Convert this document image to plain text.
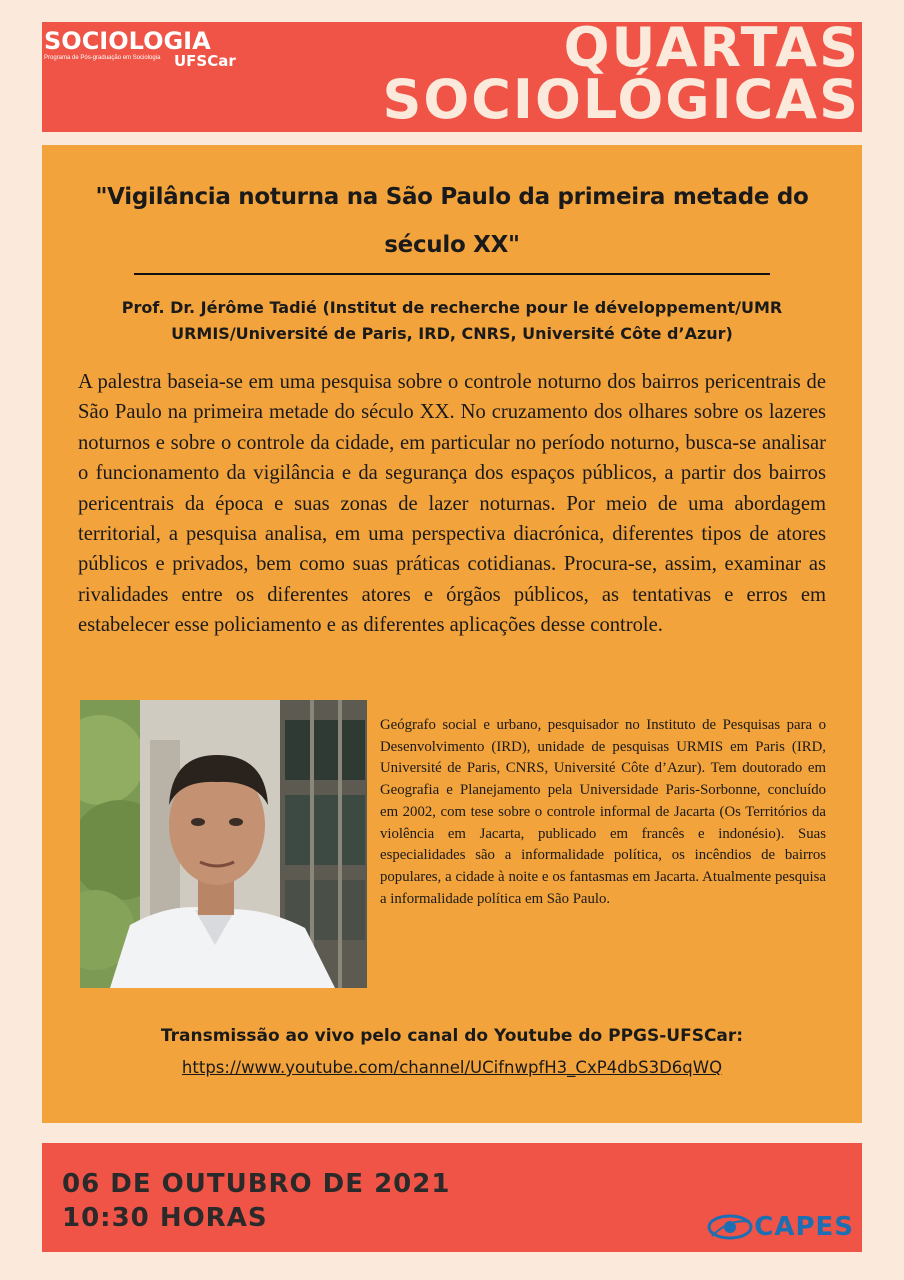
SOCIOLOGIA
UFSCar
Programa de Pós-graduação em Sociologia	QUARTAS
SOCIOLÓGICAS
"Vigilância noturna na São Paulo da primeira metade do século XX"
Prof. Dr. Jérôme Tadié (Institut de recherche pour le développement/UMR
URMIS/Université de Paris, IRD, CNRS, Université Côte d’Azur)
A palestra baseia-se em uma pesquisa sobre o controle noturno dos bairros pericentrais de São Paulo na primeira metade do século XX. No cruzamento dos olhares sobre os lazeres noturnos e sobre o controle da cidade, em particular no período noturno, busca-se analisar o funcionamento da vigilância e da segurança dos espaços públicos, a partir dos bairros pericentrais da época e suas zonas de lazer noturnas. Por meio de uma abordagem territorial, a pesquisa analisa, em uma perspectiva diacrónica, diferentes tipos de atores públicos e privados, bem como suas práticas cotidianas. Procura-se, assim, examinar as rivalidades entre os diferentes atores e órgãos públicos, as tentativas e erros em estabelecer esse policiamento e as diferentes aplicações desse controle.
Geógrafo social e urbano, pesquisador no Instituto de Pesquisas para o Desenvolvimento (IRD), unidade de pesquisas URMIS em Paris (IRD, Université de Paris, CNRS, Université Côte d’Azur). Tem doutorado em Geografia e Planejamento pela Universidade Paris-Sorbonne, concluído em 2002, com tese sobre o controle informal de Jacarta (Os Territórios da violência em Jacarta, publicado em francês e indonésio). Suas especialidades são a informalidade política, os incêndios de bairros populares, a cidade à noite e os fantasmas em Jacarta. Atualmente pesquisa a informalidade política em São Paulo.
Transmissão ao vivo pelo canal do Youtube do PPGS-UFSCar:
https://www.youtube.com/channel/UCifnwpfH3_CxP4dbS3D6qWQ
06 DE OUTUBRO DE 2021
10:30 HORAS	CAPES
